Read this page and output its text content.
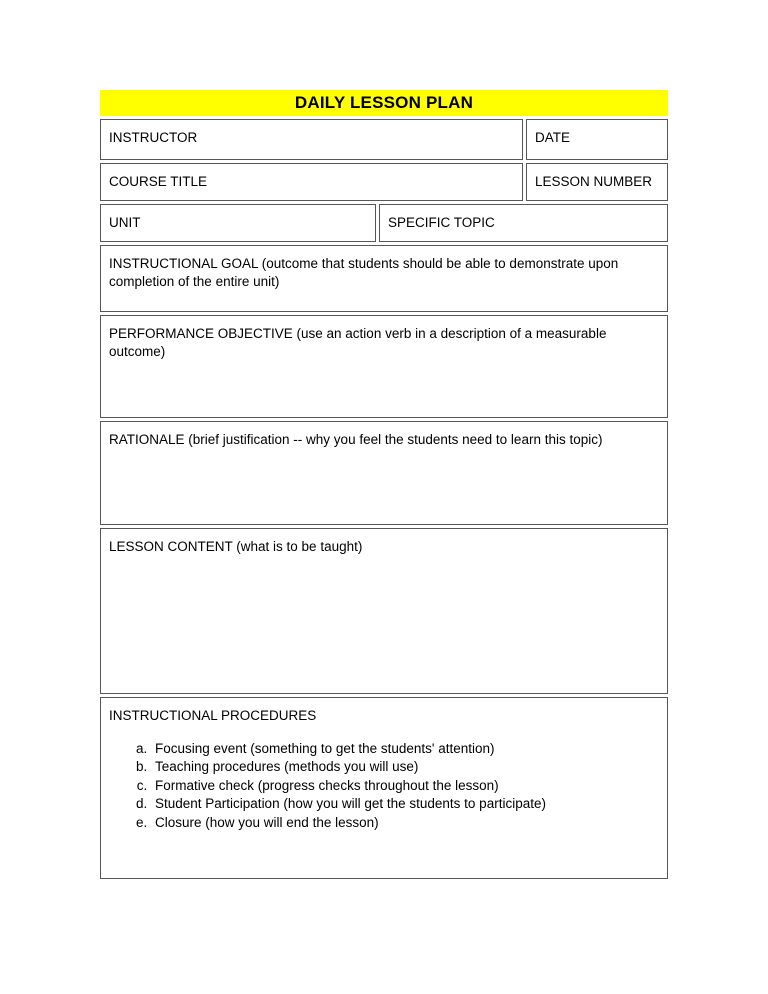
DAILY LESSON PLAN		
INSTRUCTOR		DATE
COURSE TITLE		LESSON NUMBER
UNIT	SPECIFIC TOPIC	
INSTRUCTIONAL GOAL (outcome that students should be able to demonstrate upon completion of the entire unit)		
PERFORMANCE OBJECTIVE (use an action verb in a description of a measurable outcome)		
RATIONALE (brief justification -- why you feel the students need to learn this topic)		
LESSON CONTENT (what is to be taught)		
INSTRUCTIONAL PROCEDURES
a. Focusing event (something to get the students' attention)
b. Teaching procedures (methods you will use)
c. Formative check (progress checks throughout the lesson)
d. Student Participation (how you will get the students to participate)
e. Closure (how you will end the lesson)
